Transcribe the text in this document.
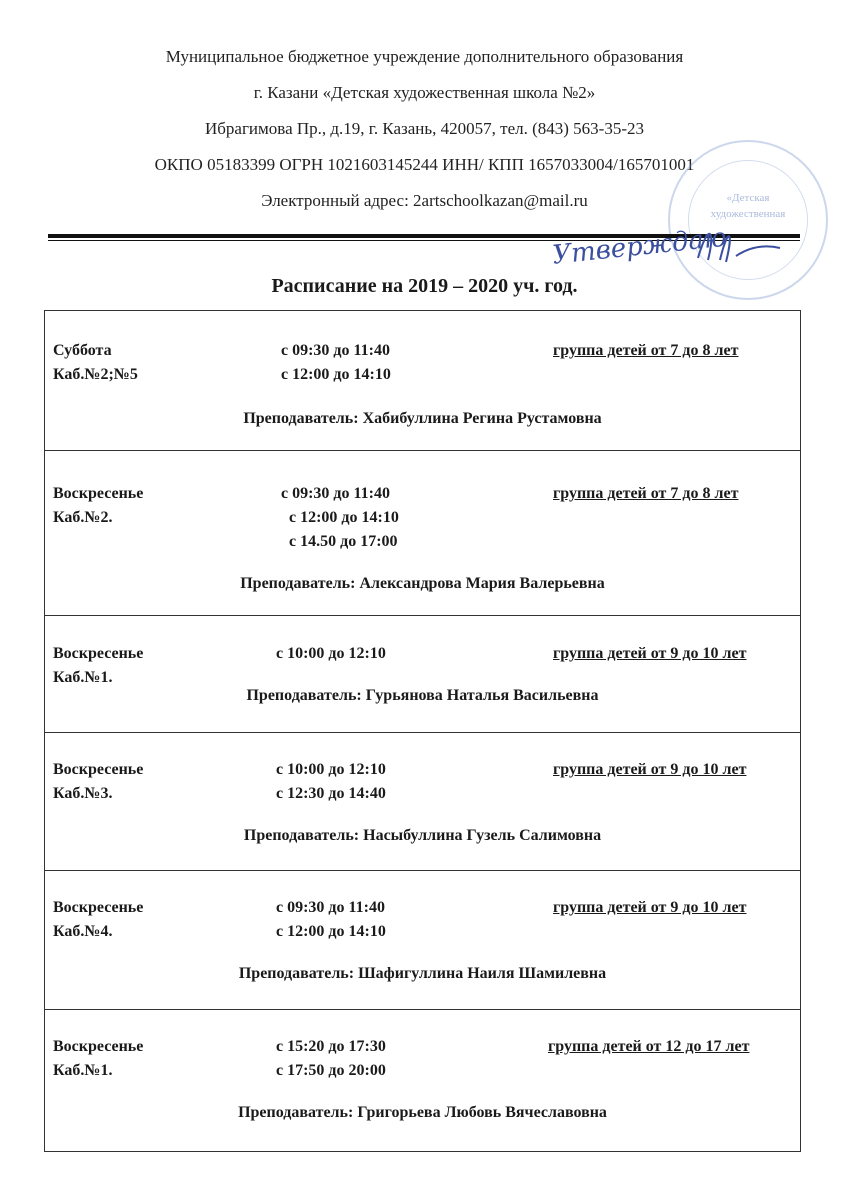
Муниципальное бюджетное учреждение дополнительного образования
г. Казани «Детская художественная школа №2»
Ибрагимова Пр., д.19, г. Казань, 420057, тел. (843) 563-35-23
ОКПО 05183399 ОГРН 1021603145244 ИНН/ КПП 1657033004/165701001
Электронный адрес: 2artschoolkazan@mail.ru	«Детская
художественная
Утверждаю
Расписание на 2019 – 2020 уч. год.
Суббота
Каб.№2;№5
с 09:30 до 11:40
с 12:00 до 14:10
группа детей от 7 до 8 лет
Преподаватель: Хабибуллина Регина Рустамовна
Воскресенье
Каб.№2.
с 09:30 до 11:40
с 12:00 до 14:10
с 14.50 до 17:00
группа детей от 7 до 8 лет
Преподаватель: Александрова Мария Валерьевна
Воскресенье
Каб.№1.
с 10:00 до 12:10	группа детей от 9 до 10 лет
Преподаватель: Гурьянова Наталья Васильевна
Воскресенье
Каб.№3.
с 10:00 до 12:10
с 12:30 до 14:40
группа детей от 9 до 10 лет
Преподаватель: Насыбуллина Гузель Салимовна
Воскресенье
Каб.№4.
с 09:30 до 11:40
с 12:00 до 14:10
группа детей от 9 до 10 лет
Преподаватель: Шафигуллина Наиля Шамилевна
Воскресенье
Каб.№1.
с 15:20 до 17:30
с 17:50 до 20:00
группа детей от 12 до 17 лет
Преподаватель: Григорьева Любовь Вячеславовна
